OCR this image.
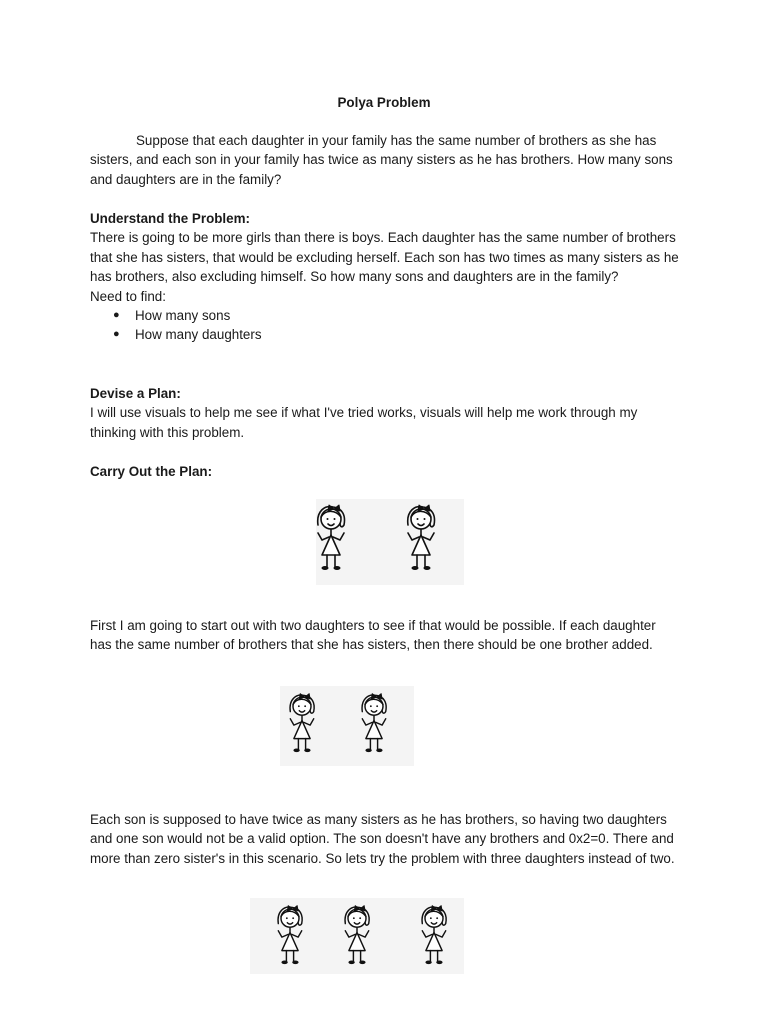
Polya Problem

Suppose that each daughter in your family has the same number of brothers as she has sisters, and each son in your family has twice as many sisters as he has brothers. How many sons and daughters are in the family?

Understand the Problem:

There is going to be more girls than there is boys. Each daughter has the same number of brothers that she has sisters, that would be excluding herself. Each son has two times as many sisters as he has brothers, also excluding himself. So how many sons and daughters are in the family?

Need to find:

● How many sons
● How many daughters

Devise a Plan:

I will use visuals to help me see if what I've tried works, visuals will help me work through my thinking with this problem.

Carry Out the Plan:

First I am going to start out with two daughters to see if that would be possible. If each daughter has the same number of brothers that she has sisters, then there should be one brother added.

Each son is supposed to have twice as many sisters as he has brothers, so having two daughters and one son would not be a valid option. The son doesn't have any brothers and 0x2=0. There and more than zero sister's in this scenario. So lets try the problem with three daughters instead of two.
